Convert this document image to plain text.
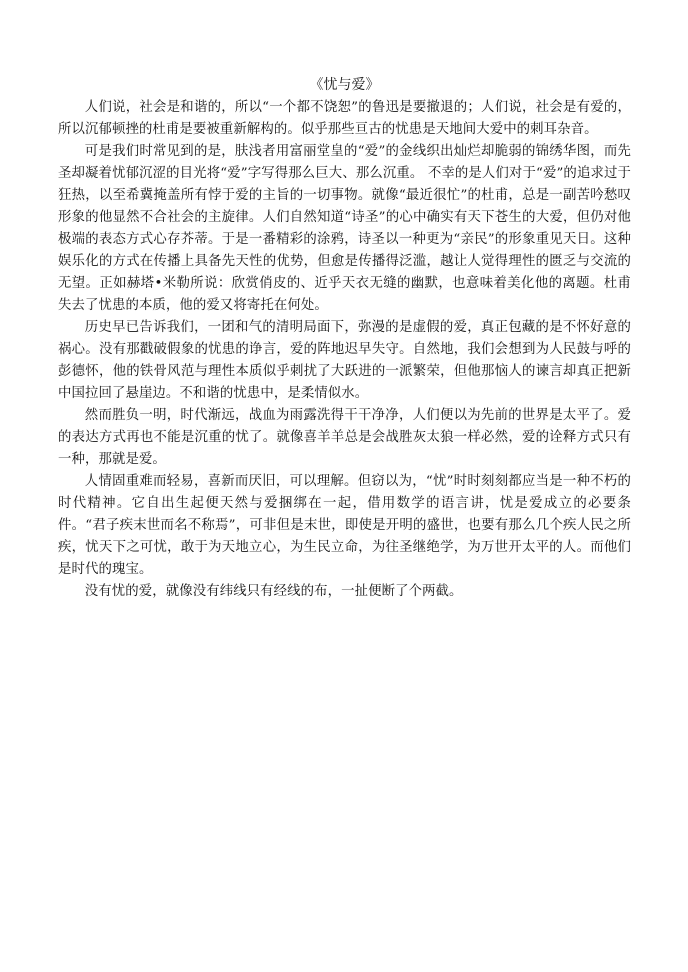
《忧与爱》

人们说，社会是和谐的，所以“一个都不饶恕”的鲁迅是要撤退的；人们说，社会是有爱的，所以沉郁顿挫的杜甫是要被重新解构的。似乎那些亘古的忧患是天地间大爱中的刺耳杂音。

可是我们时常见到的是，肤浅者用富丽堂皇的“爱”的金线织出灿烂却脆弱的锦绣华图，而先圣却凝着忧郁沉涩的目光将“爱”字写得那么巨大、那么沉重。 不幸的是人们对于“爱”的追求过于狂热，以至希冀掩盖所有悖于爱的主旨的一切事物。就像“最近很忙”的杜甫，总是一副苦吟愁叹形象的他显然不合社会的主旋律。人们自然知道“诗圣”的心中确实有天下苍生的大爱，但仍对他极端的表态方式心存芥蒂。于是一番精彩的涂鸦，诗圣以一种更为“亲民”的形象重见天日。这种娱乐化的方式在传播上具备先天性的优势，但愈是传播得泛滥，越让人觉得理性的匮乏与交流的无望。正如赫塔•米勒所说：欣赏俏皮的、近乎天衣无缝的幽默，也意味着美化他的离题。杜甫失去了忧患的本质，他的爱又将寄托在何处。

历史早已告诉我们，一团和气的清明局面下，弥漫的是虚假的爱，真正包藏的是不怀好意的祸心。没有那戳破假象的忧患的诤言，爱的阵地迟早失守。自然地，我们会想到为人民鼓与呼的彭德怀，他的铁骨风范与理性本质似乎刺扰了大跃进的一派繁荣，但他那恼人的谏言却真正把新中国拉回了悬崖边。不和谐的忧患中，是柔情似水。

然而胜负一明，时代渐远，战血为雨露洗得干干净净，人们便以为先前的世界是太平了。爱的表达方式再也不能是沉重的忧了。就像喜羊羊总是会战胜灰太狼一样必然，爱的诠释方式只有一种，那就是爱。

人情固重难而轻易，喜新而厌旧，可以理解。但窃以为，“忧”时时刻刻都应当是一种不朽的时代精神。它自出生起便天然与爱捆绑在一起，借用数学的语言讲，忧是爱成立的必要条件。“君子疾末世而名不称焉”，可非但是末世，即使是开明的盛世，也要有那么几个疾人民之所疾，忧天下之可忧，敢于为天地立心，为生民立命，为往圣继绝学，为万世开太平的人。而他们是时代的瑰宝。

没有忧的爱，就像没有纬线只有经线的布，一扯便断了个两截。
